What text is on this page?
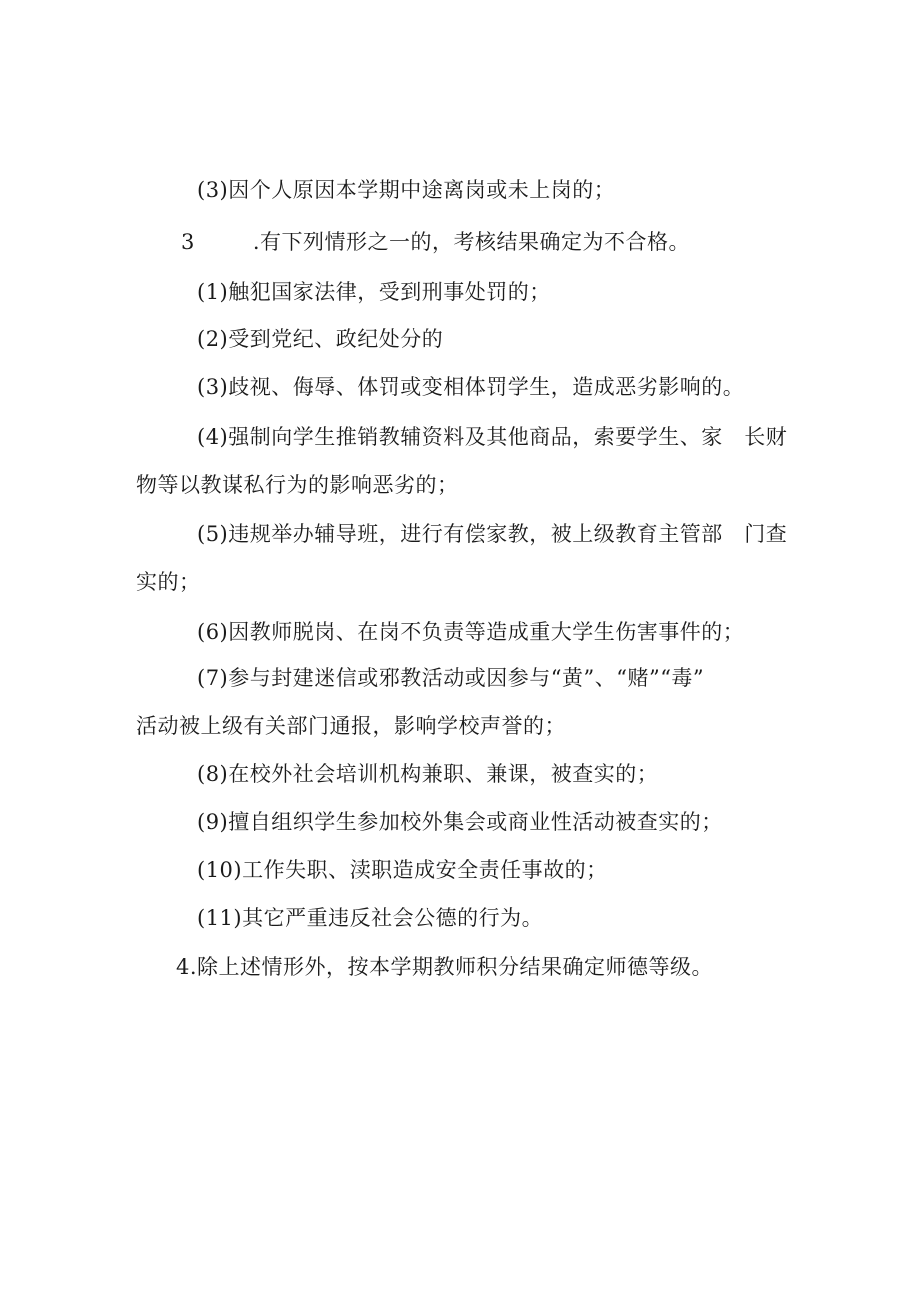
(3)因个人原因本学期中途离岗或未上岗的；
3	.有下列情形之一的，考核结果确定为不合格。
(1)触犯国家法律，受到刑事处罚的；
(2)受到党纪、政纪处分的
(3)歧视、侮辱、体罚或变相体罚学生，造成恶劣影响的。
(4)强制向学生推销教辅资料及其他商品，索要学生、家　长财
物等以教谋私行为的影响恶劣的；
(5)违规举办辅导班，进行有偿家教，被上级教育主管部　门查
实的；
(6)因教师脱岗、在岗不负责等造成重大学生伤害事件的；
(7)参与封建迷信或邪教活动或因参与“黄”、“赌”“毒”
活动被上级有关部门通报，影响学校声誉的；
(8)在校外社会培训机构兼职、兼课，被查实的；
(9)擅自组织学生参加校外集会或商业性活动被查实的；
(10)工作失职、渎职造成安全责任事故的；
(11)其它严重违反社会公德的行为。
4.除上述情形外，按本学期教师积分结果确定师德等级。
